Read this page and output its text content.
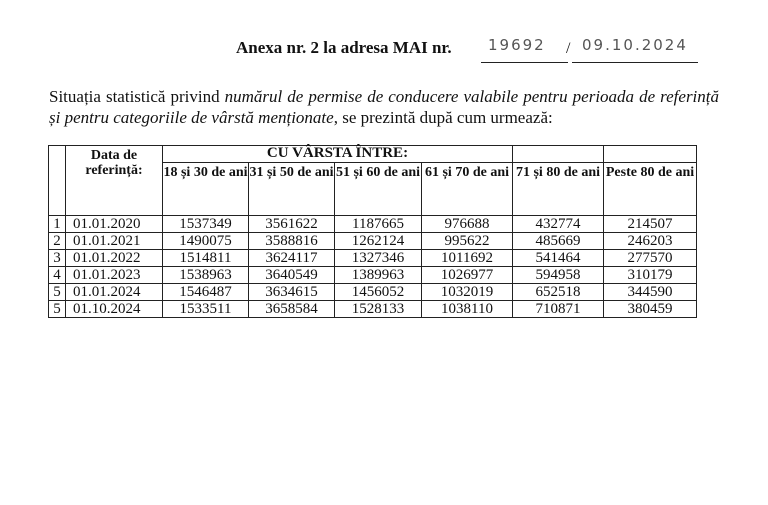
Anexa nr. 2 la adresa MAI nr. 19692 / 09.10.2024
Situația statistică privind numărul de permise de conducere valabile pentru perioada de referință și pentru categoriile de vârstă menționate, se prezintă după cum urmează:
	Data de referință:	CU VÂRSTA ÎNTRE:					
		18 și 30 de ani	31 și 50 de ani	51 și 60 de ani	61 și 70 de ani	71 și 80 de ani	Peste 80 de ani
1	01.01.2020	1537349	3561622	1187665	976688	432774	214507
2	01.01.2021	1490075	3588816	1262124	995622	485669	246203
3	01.01.2022	1514811	3624117	1327346	1011692	541464	277570
4	01.01.2023	1538963	3640549	1389963	1026977	594958	310179
5	01.01.2024	1546487	3634615	1456052	1032019	652518	344590
5	01.10.2024	1533511	3658584	1528133	1038110	710871	380459
